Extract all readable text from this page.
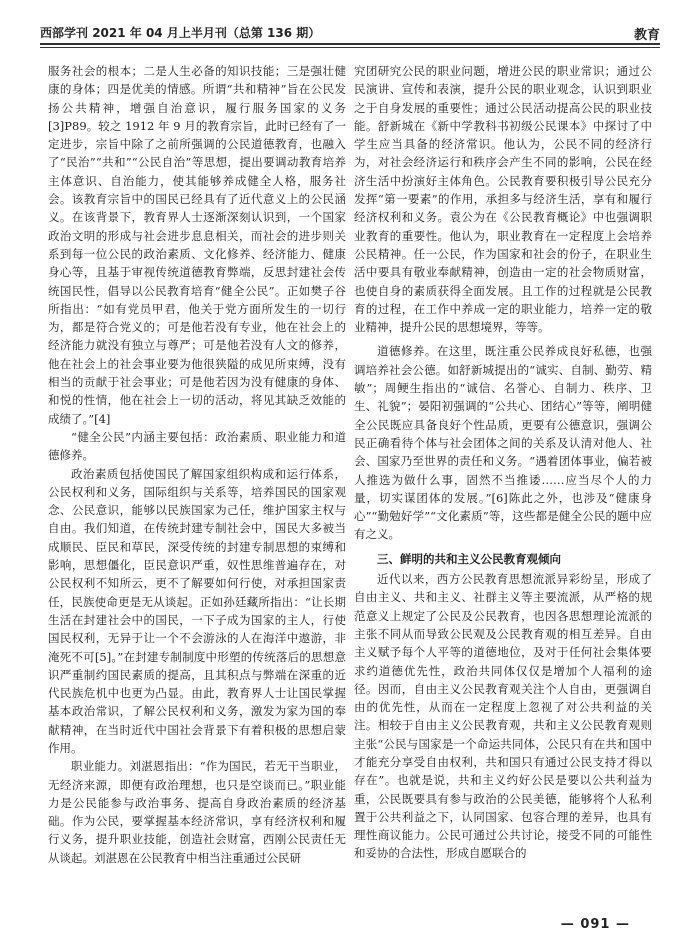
西部学刊 2021 年 04 月上半月刊（总第 136 期）	教育

服务社会的根本；二是人生必备的知识技能；三是强壮健康的身体；四是优美的情感。所谓“共和精神”旨在公民发扬公共精神，增强自治意识，履行服务国家的义务[3]P89。较之 1912 年 9 月的教育宗旨，此时已经有了一定进步，宗旨中除了之前所强调的公民道德教育，也融入了“民治”“共和”“公民自治”等思想，提出要调动教育培养主体意识、自治能力，使其能够养成健全人格，服务社会。该教育宗旨中的国民已经具有了近代意义上的公民涵义。在该背景下，教育界人士逐渐深刻认识到，一个国家政治文明的形成与社会进步息息相关，而社会的进步则关系到每一位公民的政治素质、文化修养、经济能力、健康身心等，且基于审视传统道德教育弊端，反思封建社会传统国民性，倡导以公民教育培育“健全公民”。正如樊子谷所指出：“如有党员甲君，他关于党方面所发生的一切行为，都是符合党义的；可是他若没有专业，他在社会上的经济能力就没有独立与尊严；可是他若没有人文的修养，他在社会上的社会事业要为他很狭隘的成见所束缚，没有相当的贡献于社会事业；可是他若因为没有健康的身体、和悦的性情，他在社会上一切的活动，将见其缺乏效能的成绩了。”[4]

“健全公民”内涵主要包括：政治素质、职业能力和道德修养。

政治素质包括使国民了解国家组织构成和运行体系，公民权利和义务，国际组织与关系等，培养国民的国家观念、公民意识，能够以民族国家为己任，维护国家主权与自由。我们知道，在传统封建专制社会中，国民大多被当成顺民、臣民和草民，深受传统的封建专制思想的束缚和影响，思想僵化，臣民意识严重，奴性思维普遍存在，对公民权利不知所云，更不了解要如何行使，对承担国家责任，民族使命更是无从谈起。正如孙廷藏所指出：“让长期生活在封建社会中的国民，一下子成为国家的主人，行使国民权利，无异于让一个不会游泳的人在海洋中遨游，非淹死不可[5]。”在封建专制制度中形塑的传统落后的思想意识严重制约国民素质的提高，且其积点与弊端在深重的近代民族危机中也更为凸显。由此，教育界人士让国民掌握基本政治常识，了解公民权利和义务，激发为家为国的奉献精神，在当时近代中国社会背景下有着积极的思想启蒙作用。

职业能力。刘湛恩指出：“作为国民，若无干当职业，无经济来源，即便有政治理想，也只是空谈而已。”职业能力是公民能参与政治事务、提高自身政治素质的经济基础。作为公民，要掌握基本经济常识，享有经济权利和履行义务，提升职业技能，创造社会财富，西刚公民责任无从谈起。刘湛恩在公民教育中相当注重通过公民研

究团研究公民的职业问题，增进公民的职业常识；通过公民演讲、宣传和表演，提升公民的职业观念，认识到职业之于自身发展的重要性；通过公民活动提高公民的职业技能。舒新城在《新中学教科书初级公民课本》中探讨了中学生应当具备的经济常识。他认为，公民不同的经济行为，对社会经济运行和秩序会产生不同的影响，公民在经济生活中扮演好主体角色。公民教育要积极引导公民充分发挥“第一要素”的作用，承担多与经济生活，享有和履行经济权利和义务。袁公为在《公民教育概论》中也强调职业教育的重要性。他认为，职业教育在一定程度上会培养公民精神。任一公民，作为国家和社会的份子，在职业生活中要具有敬业奉献精神，创造由一定的社会物质财富，也使自身的素质获得全面发展。且工作的过程就是公民教育的过程，在工作中养成一定的职业能力，培养一定的敬业精神，提升公民的思想境界，等等。

道德修养。在这里，既注重公民养成良好私德，也强调培养社会公德。如舒新城提出的“诚实、自制、勤劳、精敏”；周鲠生指出的“诚信、名誉心、自制力、秩序、卫生、礼貌”；晏阳初强调的“公共心、团结心”等等，阐明健全公民既应具备良好个性品质，更要有公德意识，强调公民正确看待个体与社会团体之间的关系及认清对他人、社会、国家乃至世界的责任和义务。“遇着团体事业，偏若被人推选为做什么事，固然不当推诿……应当尽个人的力量，切实谋团体的发展。”[6]陈此之外，也涉及“健康身心”“勤勉好学”“文化素质”等，这些都是健全公民的题中应有之义。

三、鲜明的共和主义公民教育观倾向

近代以来，西方公民教育思想流派异彩纷呈，形成了自由主义、共和主义、社群主义等主要流派，从严格的规范意义上规定了公民及公民教育，也因各思想理论流派的主张不同从而导致公民观及公民教育观的相互差异。自由主义赋予每个人平等的道德地位，及对于任何社会集体要求约道德优先性，政治共同体仅仅是增加个人福利的途径。因而，自由主义公民教育观关注个人自由，更强调自由的优先性，从而在一定程度上忽视了对公共利益的关注。相较于自由主义公民教育观，共和主义公民教育观则主张“公民与国家是一个命运共同体，公民只有在共和国中才能充分享受自由权利，共和国只有通过公民支持才得以存在”。也就是说，共和主义约好公民是要以公共利益为重，公民既要具有参与政治的公民美德，能够将个人私利置于公共利益之下，认同国家、包容合理的差异，也具有理性商议能力。公民可通过公共讨论，接受不同的可能性和妥协的合法性，形成自愿联合的

— 091 —
